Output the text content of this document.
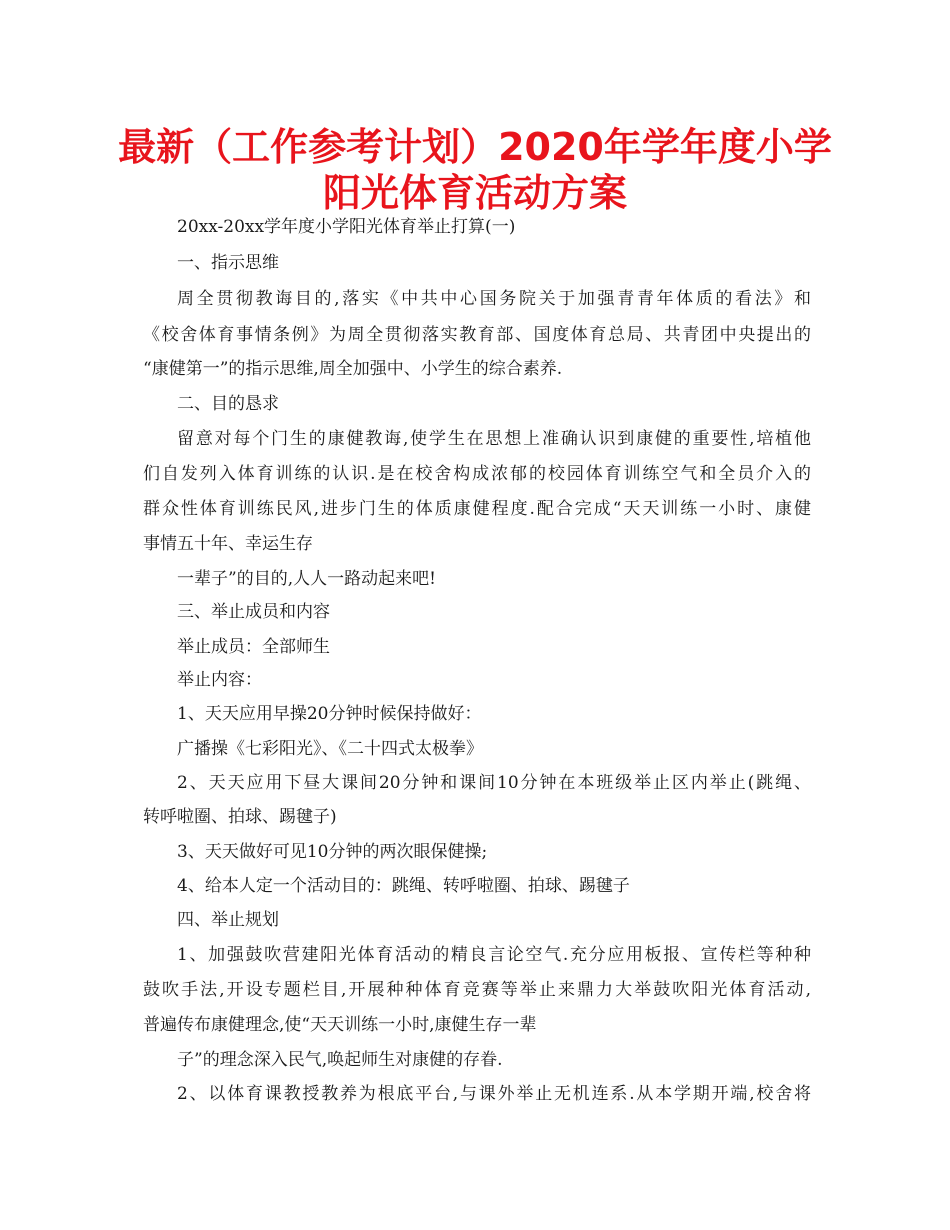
最新（工作参考计划）2020年学年度小学
阳光体育活动方案

20xx-20xx学年度小学阳光体育举止打算(一)

一、指示思维

周全贯彻教诲目的,落实《中共中心国务院关于加强青青年体质的看法》和

《校舍体育事情条例》为周全贯彻落实教育部、国度体育总局、共青团中央提出的

“康健第一”的指示思维,周全加强中、小学生的综合素养.

二、目的恳求

留意对每个门生的康健教诲,使学生在思想上准确认识到康健的重要性,培植他

们自发列入体育训练的认识.是在校舍构成浓郁的校园体育训练空气和全员介入的

群众性体育训练民风,进步门生的体质康健程度.配合完成“天天训练一小时、康健

事情五十年、幸运生存

一辈子”的目的,人人一路动起来吧!

三、举止成员和内容

举止成员：全部师生

举止内容：

1、天天应用早操20分钟时候保持做好：

广播操《七彩阳光》、《二十四式太极拳》

2、天天应用下昼大课间20分钟和课间10分钟在本班级举止区内举止(跳绳、

转呼啦圈、拍球、踢毽子)

3、天天做好可见10分钟的两次眼保健操;

4、给本人定一个活动目的：跳绳、转呼啦圈、拍球、踢毽子

四、举止规划

1、加强鼓吹营建阳光体育活动的精良言论空气.充分应用板报、宣传栏等种种

鼓吹手法,开设专题栏目,开展种种体育竞赛等举止来鼎力大举鼓吹阳光体育活动,

普遍传布康健理念,使“天天训练一小时,康健生存一辈

子”的理念深入民气,唤起师生对康健的存眷.

2、以体育课教授教养为根底平台,与课外举止无机连系.从本学期开端,校舍将
